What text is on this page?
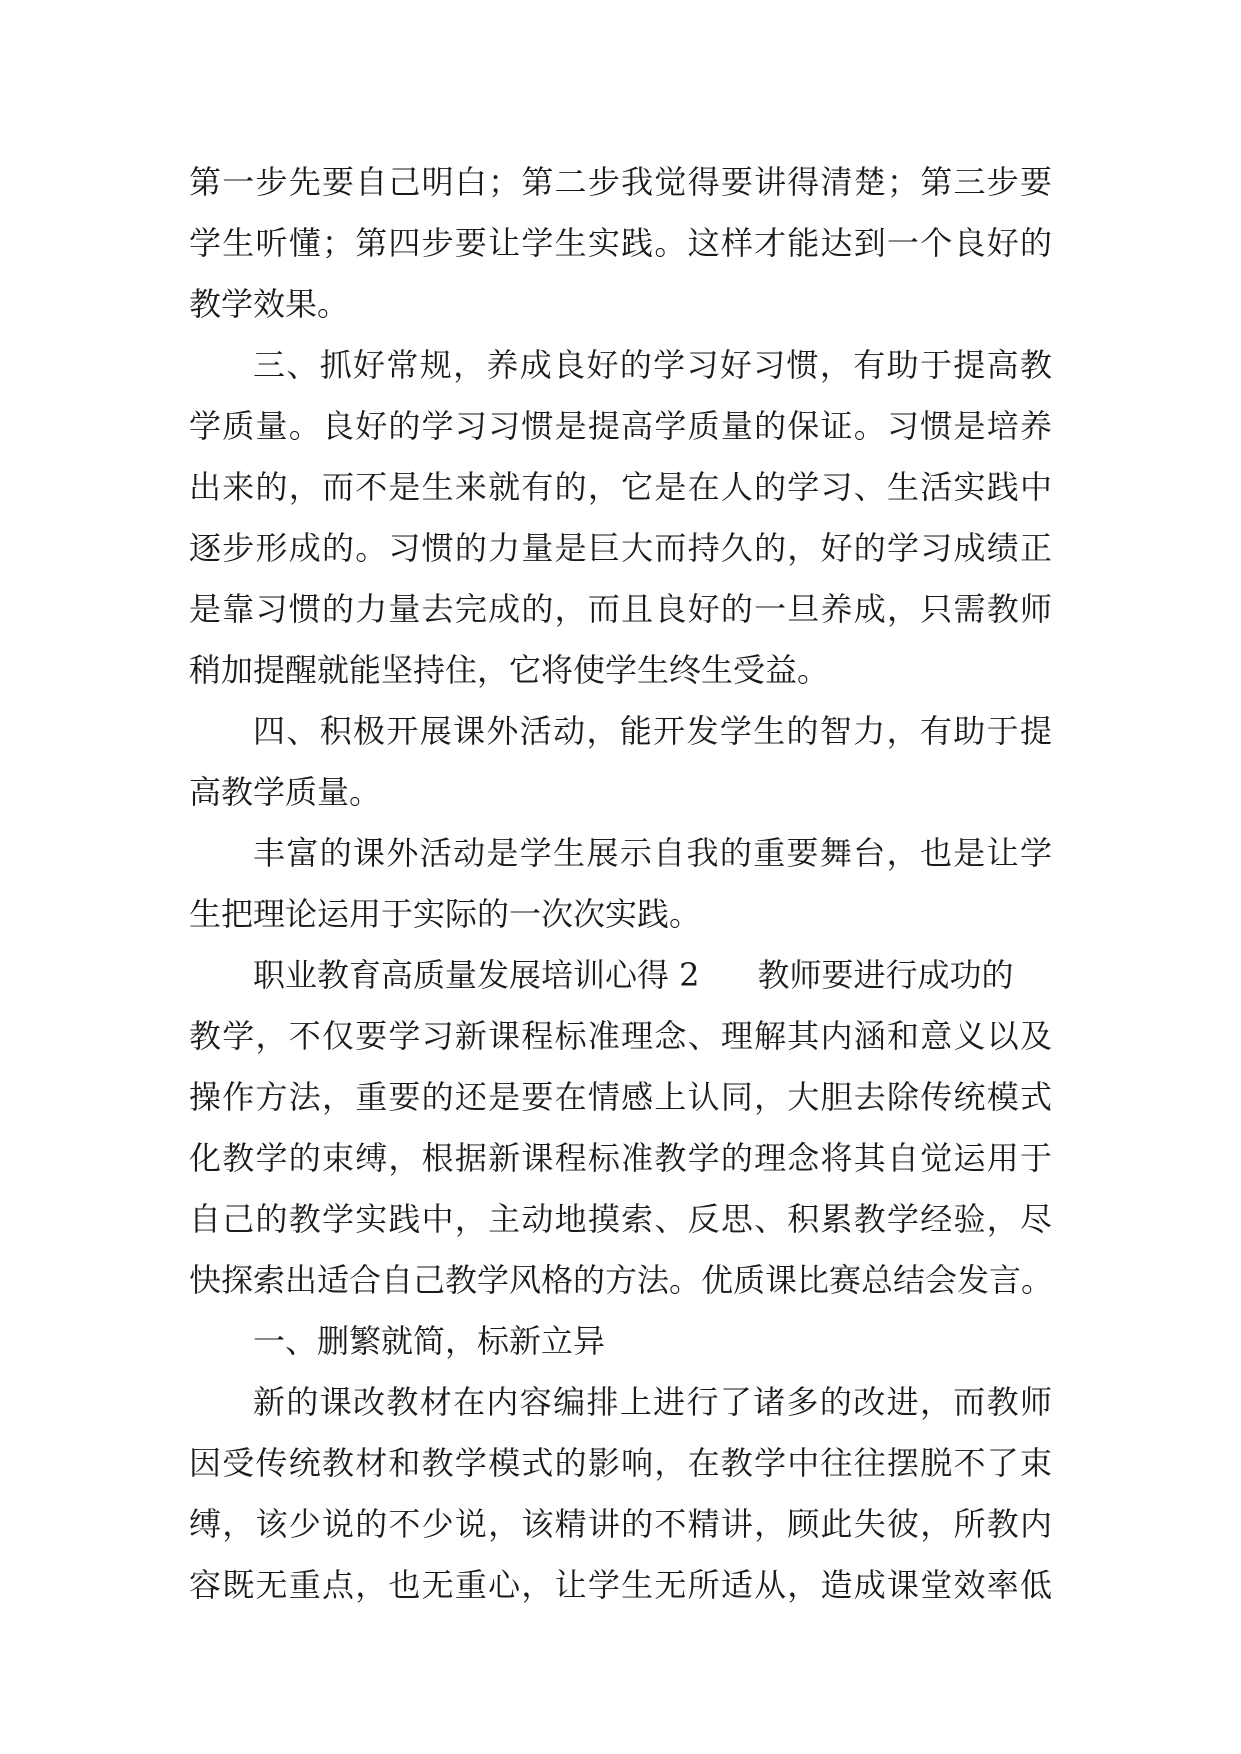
第一步先要自己明白；第二步我觉得要讲得清楚；第三步要
学生听懂；第四步要让学生实践。这样才能达到一个良好的
教学效果。
三、抓好常规，养成良好的学习好习惯，有助于提高教
学质量。良好的学习习惯是提高学质量的保证。习惯是培养
出来的，而不是生来就有的，它是在人的学习、生活实践中
逐步形成的。习惯的力量是巨大而持久的，好的学习成绩正
是靠习惯的力量去完成的，而且良好的一旦养成，只需教师
稍加提醒就能坚持住，它将使学生终生受益。
四、积极开展课外活动，能开发学生的智力，有助于提
高教学质量。
丰富的课外活动是学生展示自我的重要舞台，也是让学
生把理论运用于实际的一次次实践。
职业教育高质量发展培训心得 2 教师要进行成功的
教学，不仅要学习新课程标准理念、理解其内涵和意义以及
操作方法，重要的还是要在情感上认同，大胆去除传统模式
化教学的束缚，根据新课程标准教学的理念将其自觉运用于
自己的教学实践中，主动地摸索、反思、积累教学经验，尽
快探索出适合自己教学风格的方法。优质课比赛总结会发言。
一、删繁就简，标新立异
新的课改教材在内容编排上进行了诸多的改进，而教师
因受传统教材和教学模式的影响，在教学中往往摆脱不了束
缚，该少说的不少说，该精讲的不精讲，顾此失彼，所教内
容既无重点，也无重心，让学生无所适从，造成课堂效率低
